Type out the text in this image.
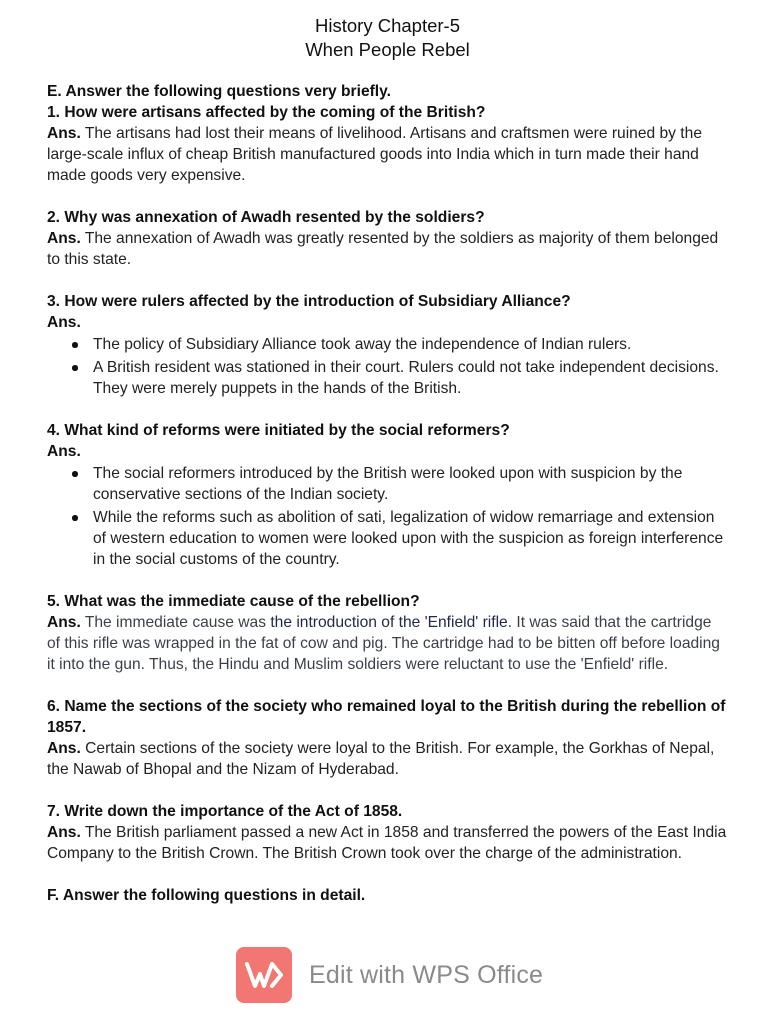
History Chapter-5

When People Rebel

E. Answer the following questions very briefly.

1. How were artisans affected by the coming of the British?

Ans. The artisans had lost their means of livelihood. Artisans and craftsmen were ruined by the large-scale influx of cheap British manufactured goods into India which in turn made their hand made goods very expensive.

2. Why was annexation of Awadh resented by the soldiers?

Ans. The annexation of Awadh was greatly resented by the soldiers as majority of them belonged to this state.

3. How were rulers affected by the introduction of Subsidiary Alliance?

Ans.

The policy of Subsidiary Alliance took away the independence of Indian rulers.
A British resident was stationed in their court. Rulers could not take independent decisions. They were merely puppets in the hands of the British.

4. What kind of reforms were initiated by the social reformers?

Ans.

The social reformers introduced by the British were looked upon with suspicion by the conservative sections of the Indian society.
While the reforms such as abolition of sati, legalization of widow remarriage and extension of western education to women were looked upon with the suspicion as foreign interference in the social customs of the country.

5. What was the immediate cause of the rebellion?

Ans. The immediate cause was the introduction of the 'Enfield' rifle. It was said that the cartridge of this rifle was wrapped in the fat of cow and pig. The cartridge had to be bitten off before loading it into the gun. Thus, the Hindu and Muslim soldiers were reluctant to use the 'Enfield' rifle.

6. Name the sections of the society who remained loyal to the British during the rebellion of 1857.

Ans. Certain sections of the society were loyal to the British. For example, the Gorkhas of Nepal, the Nawab of Bhopal and the Nizam of Hyderabad.

7. Write down the importance of the Act of 1858.

Ans. The British parliament passed a new Act in 1858 and transferred the powers of the East India Company to the British Crown. The British Crown took over the charge of the administration.

F. Answer the following questions in detail.

Edit with WPS Office
